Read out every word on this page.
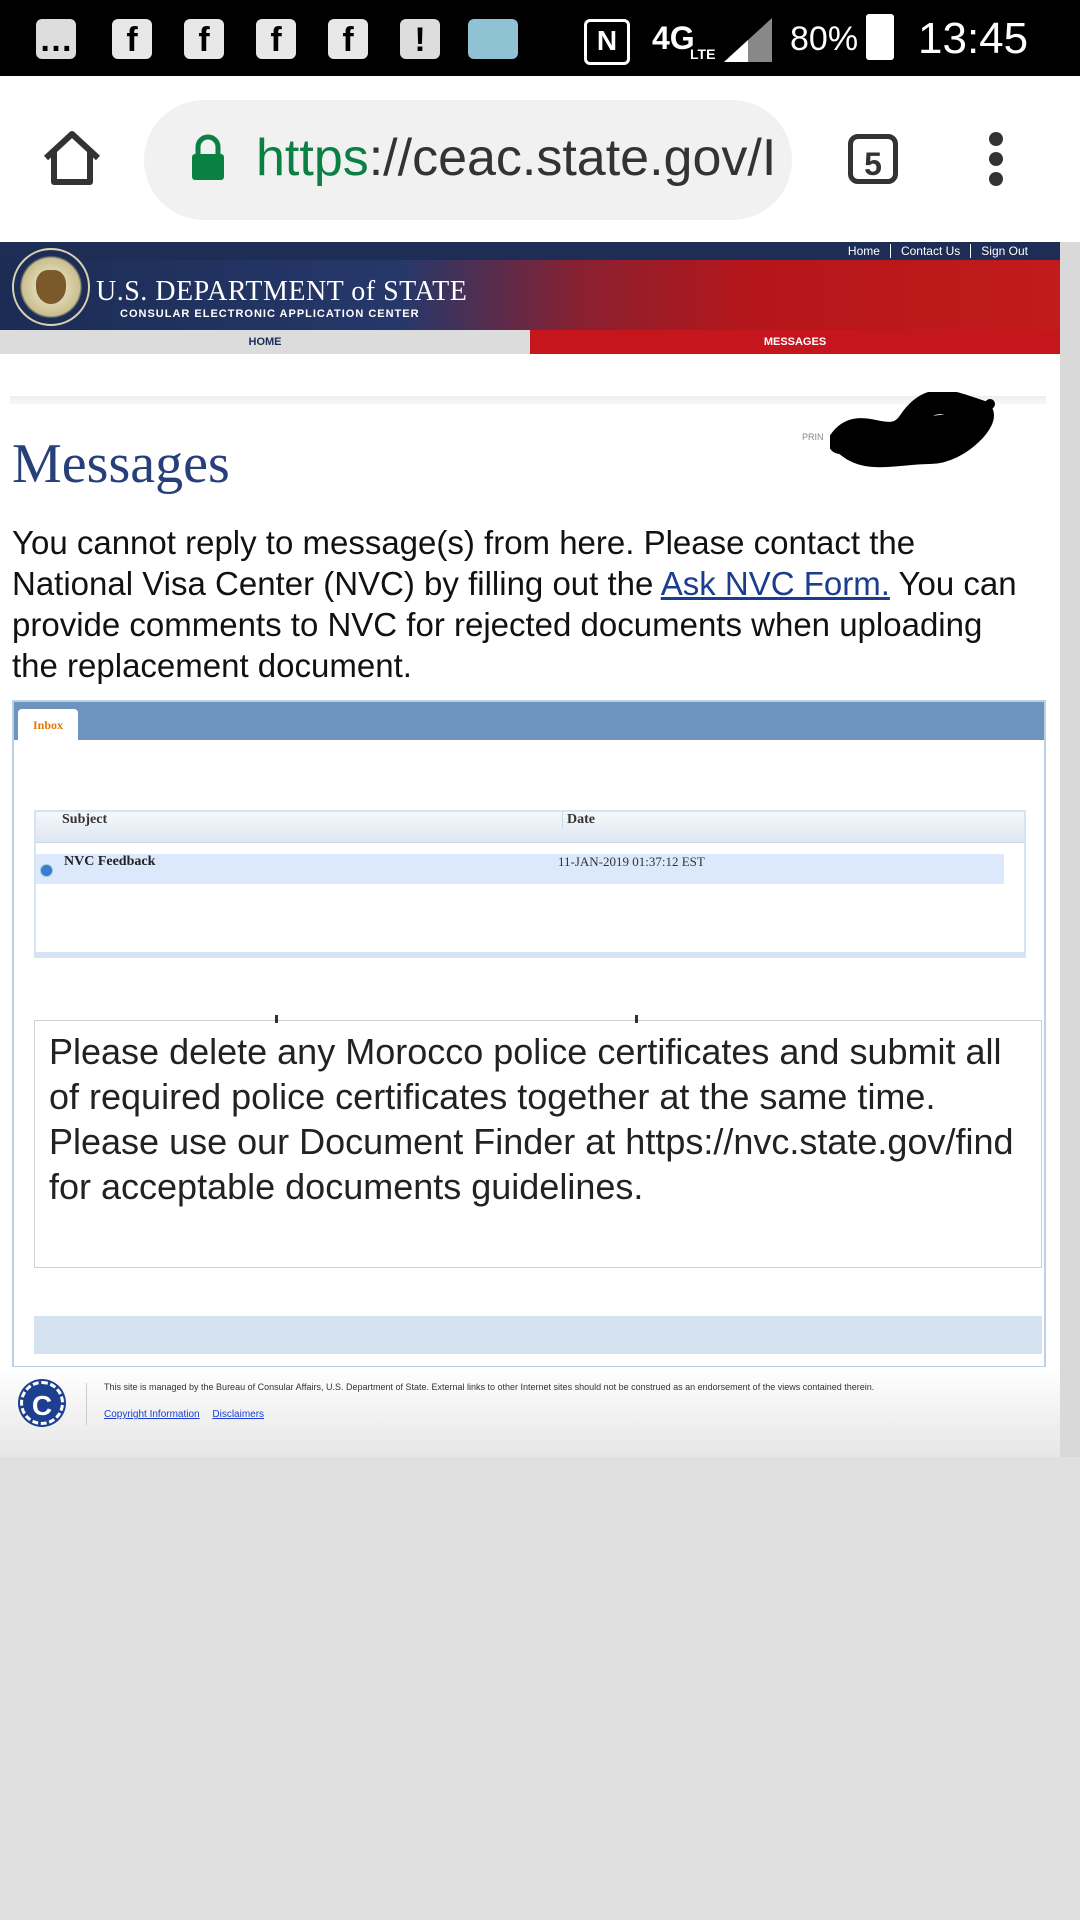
…	f	f	f	f	!	N	4G
LTE 80% 13:45
https://ceac.state.gov/I	5
Home Contact Us Sign Out
U.S. DEPARTMENT of STATE
CONSULAR ELECTRONIC APPLICATION CENTER
HOME	MESSAGES
PRIN
Messages
You cannot reply to message(s) from here. Please contact the National Visa Center (NVC) by filling out the Ask NVC Form. You can provide comments to NVC for rejected documents when uploading the replacement document.
Inbox
Subject	Date
NVC Feedback	11-JAN-2019 01:37:12 EST
Please delete any Morocco police certificates and submit all of required police certificates together at the same time. Please use our Document Finder at https://nvc.state.gov/find for acceptable documents guidelines.
C
This site is managed by the Bureau of Consular Affairs, U.S. Department of State. External links to other Internet sites should not be construed as an endorsement of the views contained therein.
Copyright Information Disclaimers
